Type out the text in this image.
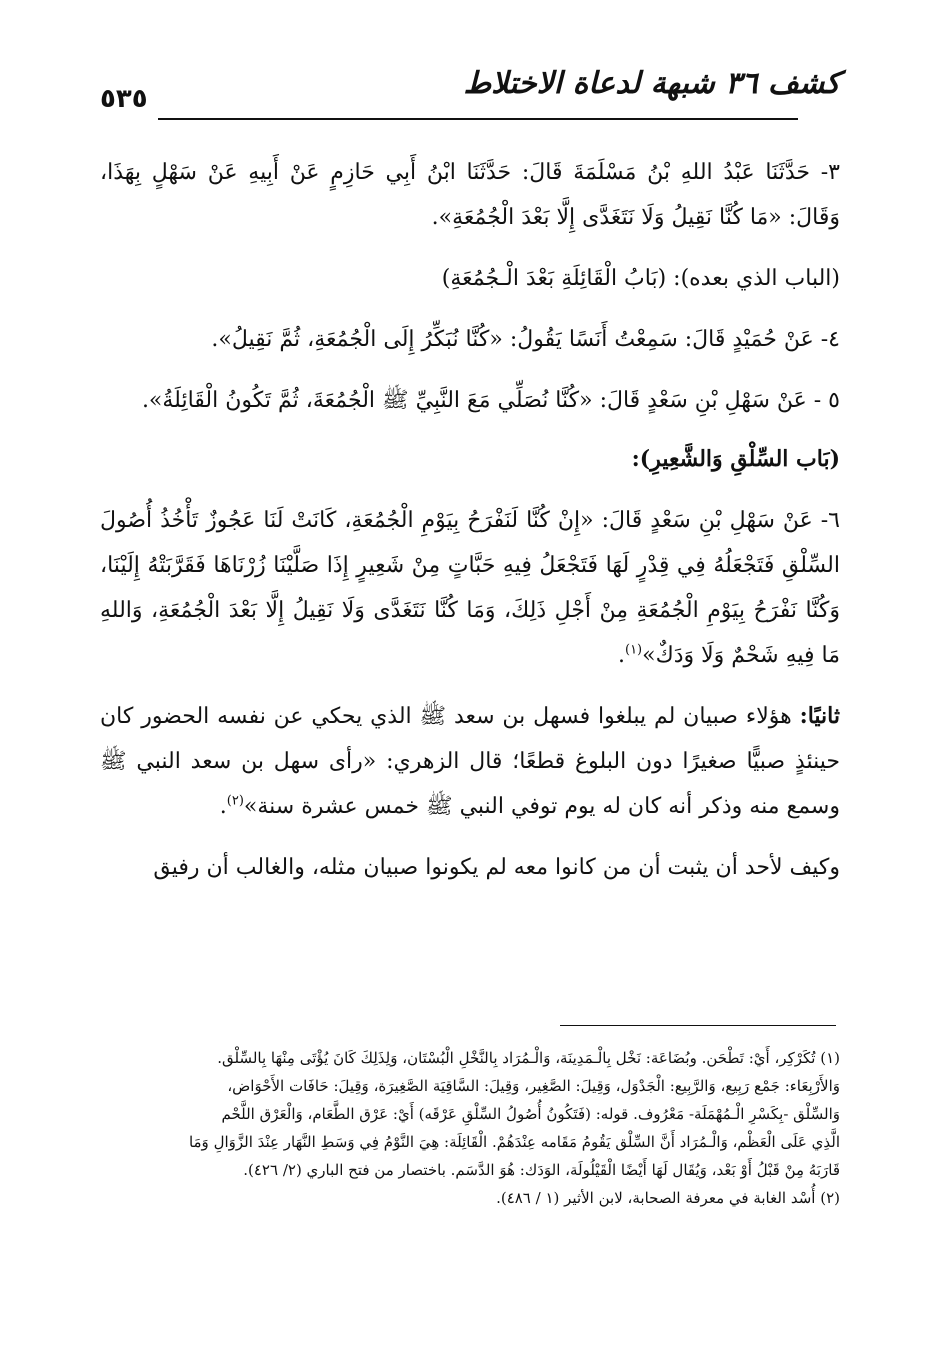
٥٣٥	كشف ٣٦ شبهة لدعاة الاختلاط

٣- حَدَّثَنَا عَبْدُ اللهِ بْنُ مَسْلَمَةَ قَالَ: حَدَّثَنَا ابْنُ أَبِي حَازِمٍ عَنْ أَبِيهِ عَنْ سَهْلٍ بِهَذَا، وَقَالَ: «مَا كُنَّا نَقِيلُ وَلَا نَتَغَدَّى إِلَّا بَعْدَ الْجُمُعَةِ».

(الباب الذي بعده): (بَابُ الْقَائِلَةِ بَعْدَ الْـجُمُعَةِ)

٤- عَنْ حُمَيْدٍ قَالَ: سَمِعْتُ أَنَسًا يَقُولُ: «كُنَّا نُبَكِّرُ إِلَى الْجُمُعَةِ، ثُمَّ نَقِيلُ».

٥ - عَنْ سَهْلِ بْنِ سَعْدٍ قَالَ: «كُنَّا نُصَلِّي مَعَ النَّبِيِّ ﷺ الْجُمُعَةَ، ثُمَّ تَكُونُ الْقَائِلَةُ».

(بَاب السِّلْقِ وَالشَّعِيرِ):

٦- عَنْ سَهْلِ بْنِ سَعْدٍ قَالَ: «إِنْ كُنَّا لَنَفْرَحُ بِيَوْمِ الْجُمُعَةِ، كَانَتْ لَنَا عَجُوزٌ تَأْخُذُ أُصُولَ السِّلْقِ فَتَجْعَلُهُ فِي قِدْرٍ لَهَا فَتَجْعَلُ فِيهِ حَبَّاتٍ مِنْ شَعِيرٍ إِذَا صَلَّيْنَا زُرْنَاهَا فَقَرَّبَتْهُ إِلَيْنَا، وَكُنَّا نَفْرَحُ بِيَوْمِ الْجُمُعَةِ مِنْ أَجْلِ ذَلِكَ، وَمَا كُنَّا نَتَغَدَّى وَلَا نَقِيلُ إِلَّا بَعْدَ الْجُمُعَةِ، وَاللهِ مَا فِيهِ شَحْمٌ وَلَا وَدَكٌ»$^{(١)}$.

ثانيًا: هؤلاء صبيان لم يبلغوا فسهل بن سعد ﷺ الذي يحكي عن نفسه الحضور كان حينئذٍ صبيًّا صغيرًا دون البلوغ قطعًا؛ قال الزهري: «رأى سهل بن سعد النبي ﷺ وسمع منه وذكر أنه كان له يوم توفي النبي ﷺ خمس عشرة سنة»$^{(٢)}$.

وكيف لأحد أن يثبت أن من كانوا معه لم يكونوا صبيان مثله، والغالب أن رفيق

(١) تُكَرْكِر، أَيْ: تَطْحَن. وبُضَاعَة: نَخْل بِالْـمَدِينَة، وَالْـمُرَاد بِالنَّخْلِ الْبُسْتَان، وَلِذَلِكَ كَانَ يُؤْتَى مِنْهَا بِالسِّلْق.

وَالأَرْبِعَاء: جَمْع رَبِيع، وَالرَّبِيع: الْجَدْوَل، وَقِيلَ: الصَّغِير، وَقِيلَ: السَّاقِيَة الصَّغِيرَة، وَقِيلَ: حَافَات الأَحْوَاض،

وَالسِّلْق -بِكَسْرِ الْـمُهْمَلَة- مَعْرُوف. قوله: (فَتَكُونُ أُصُولُ السِّلْقِ عَرْقَه) أَيْ: عَرْق الطَّعَام، وَالْعَرْق اللَّحْم

الَّذِي عَلَى الْعَظْم، وَالْـمُرَاد أَنَّ السِّلْق يَقُومُ مَقَامه عِنْدَهُمْ. الْقَائِلَة: هِيَ النَّوْمُ فِي وَسَطِ النَّهَار عِنْدَ الزَّوَالِ وَمَا

قَارَبَهُ مِنْ قَبْلُ أَوْ بَعْد، وَيُقَال لَهَا أَيْضًا الْقَيْلُولَة، الوَدَك: هُوَ الدَّسَم. باختصار من فتح الباري (٢/ ٤٢٦).

(٢) أُسْد الغابة في معرفة الصحابة، لابن الأثير (١ / ٤٨٦).
